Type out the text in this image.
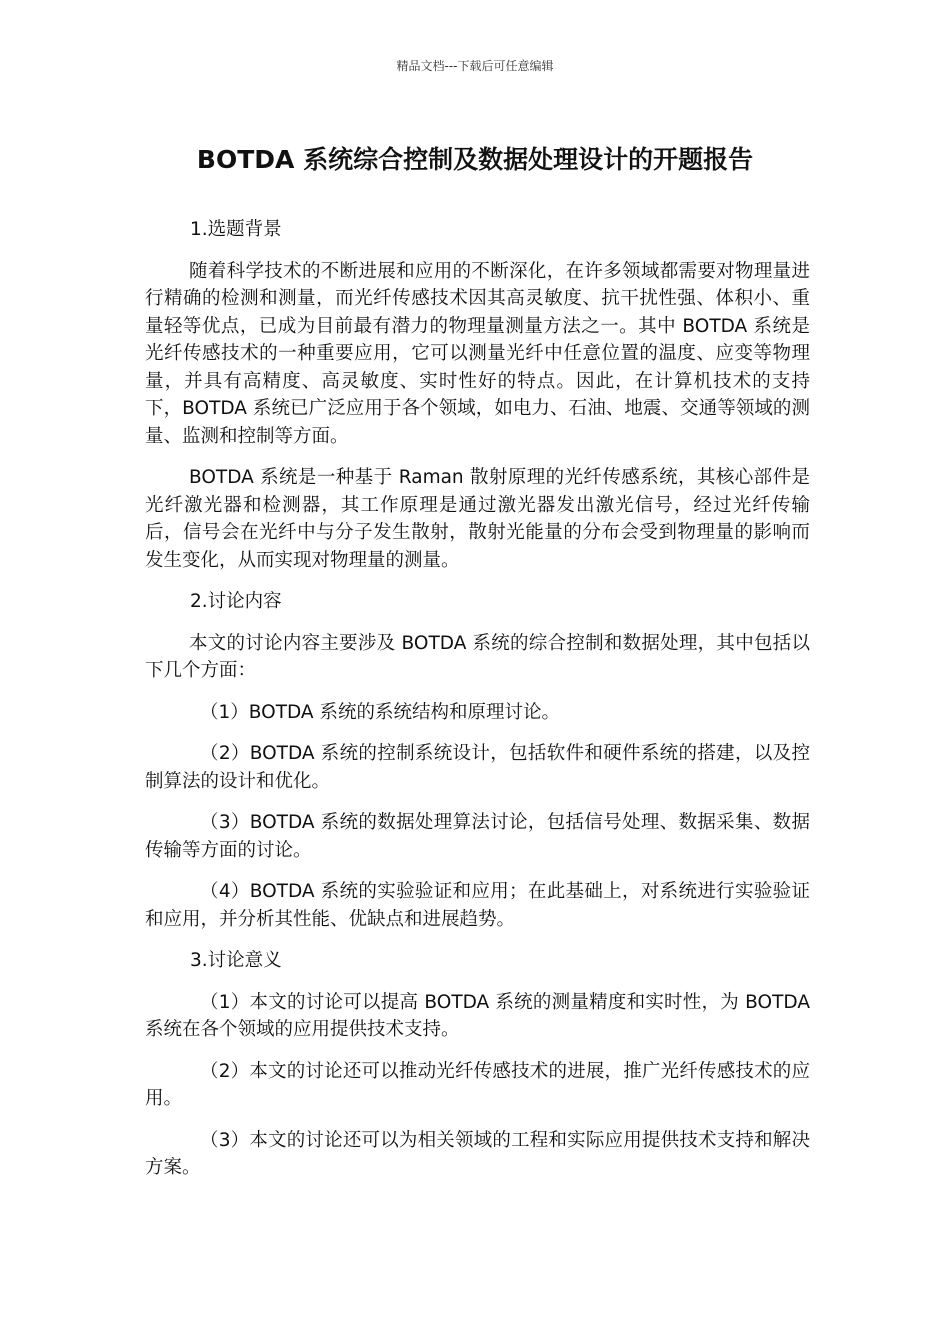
精品文档---下载后可任意编辑
BOTDA 系统综合控制及数据处理设计的开题报告

1.选题背景

随着科学技术的不断进展和应用的不断深化，在许多领域都需要对物理量进行精确的检测和测量，而光纤传感技术因其高灵敏度、抗干扰性强、体积小、重量轻等优点，已成为目前最有潜力的物理量测量方法之一。其中 BOTDA 系统是光纤传感技术的一种重要应用，它可以测量光纤中任意位置的温度、应变等物理量，并具有高精度、高灵敏度、实时性好的特点。因此，在计算机技术的支持下，BOTDA 系统已广泛应用于各个领域，如电力、石油、地震、交通等领域的测量、监测和控制等方面。

BOTDA 系统是一种基于 Raman 散射原理的光纤传感系统，其核心部件是光纤激光器和检测器，其工作原理是通过激光器发出激光信号，经过光纤传输后，信号会在光纤中与分子发生散射，散射光能量的分布会受到物理量的影响而发生变化，从而实现对物理量的测量。

2.讨论内容

本文的讨论内容主要涉及 BOTDA 系统的综合控制和数据处理，其中包括以下几个方面：

（1）BOTDA 系统的系统结构和原理讨论。

（2）BOTDA 系统的控制系统设计，包括软件和硬件系统的搭建，以及控制算法的设计和优化。

（3）BOTDA 系统的数据处理算法讨论，包括信号处理、数据采集、数据传输等方面的讨论。

（4）BOTDA 系统的实验验证和应用；在此基础上，对系统进行实验验证和应用，并分析其性能、优缺点和进展趋势。

3.讨论意义

（1）本文的讨论可以提高 BOTDA 系统的测量精度和实时性，为 BOTDA 系统在各个领域的应用提供技术支持。

（2）本文的讨论还可以推动光纤传感技术的进展，推广光纤传感技术的应用。

（3）本文的讨论还可以为相关领域的工程和实际应用提供技术支持和解决方案。
